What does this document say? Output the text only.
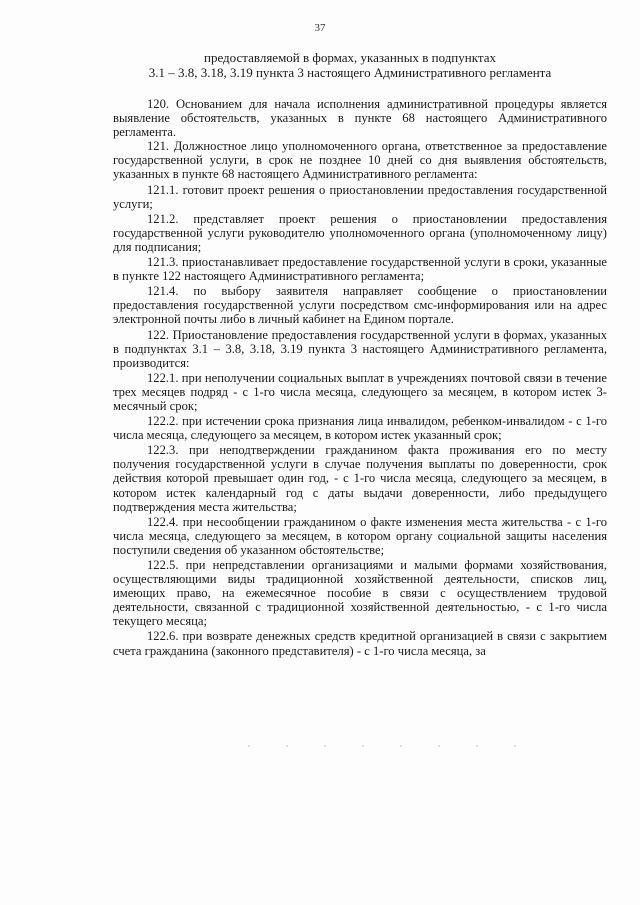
37
предоставляемой в формах, указанных в подпунктах
3.1 – 3.8, 3.18, 3.19 пункта 3 настоящего Административного регламента

120. Основанием для начала исполнения административной процедуры является выявление обстоятельств, указанных в пункте 68 настоящего Административного регламента.

121. Должностное лицо уполномоченного органа, ответственное за предоставление государственной услуги, в срок не позднее 10 дней со дня выявления обстоятельств, указанных в пункте 68 настоящего Административного регламента:

121.1. готовит проект решения о приостановлении предоставления государственной услуги;

121.2. представляет проект решения о приостановлении предоставления государственной услуги руководителю уполномоченного органа (уполномоченному лицу) для подписания;

121.3. приостанавливает предоставление государственной услуги в сроки, указанные в пункте 122 настоящего Административного регламента;

121.4. по выбору заявителя направляет сообщение о приостановлении предоставления государственной услуги посредством смс-информирования или на адрес электронной почты либо в личный кабинет на Едином портале.

122. Приостановление предоставления государственной услуги в формах, указанных в подпунктах 3.1 – 3.8, 3.18, 3.19 пункта 3 настоящего Административного регламента, производится:

122.1. при неполучении социальных выплат в учреждениях почтовой связи в течение трех месяцев подряд - с 1-го числа месяца, следующего за месяцем, в котором истек 3-месячный срок;

122.2. при истечении срока признания лица инвалидом, ребенком-инвалидом - с 1-го числа месяца, следующего за месяцем, в котором истек указанный срок;

122.3. при неподтверждении гражданином факта проживания его по месту получения государственной услуги в случае получения выплаты по доверенности, срок действия которой превышает один год, - с 1-го числа месяца, следующего за месяцем, в котором истек календарный год с даты выдачи доверенности, либо предыдущего подтверждения места жительства;

122.4. при несообщении гражданином о факте изменения места жительства - с 1-го числа месяца, следующего за месяцем, в котором органу социальной защиты населения поступили сведения об указанном обстоятельстве;

122.5. при непредставлении организациями и малыми формами хозяйствования, осуществляющими виды традиционной хозяйственной деятельности, списков лиц, имеющих право, на ежемесячное пособие в связи с осуществлением трудовой деятельности, связанной с традиционной хозяйственной деятельностью, - с 1-го числа текущего месяца;

122.6. при возврате денежных средств кредитной организацией в связи с закрытием счета гражданина (законного представителя) - с 1-го числа месяца, за
